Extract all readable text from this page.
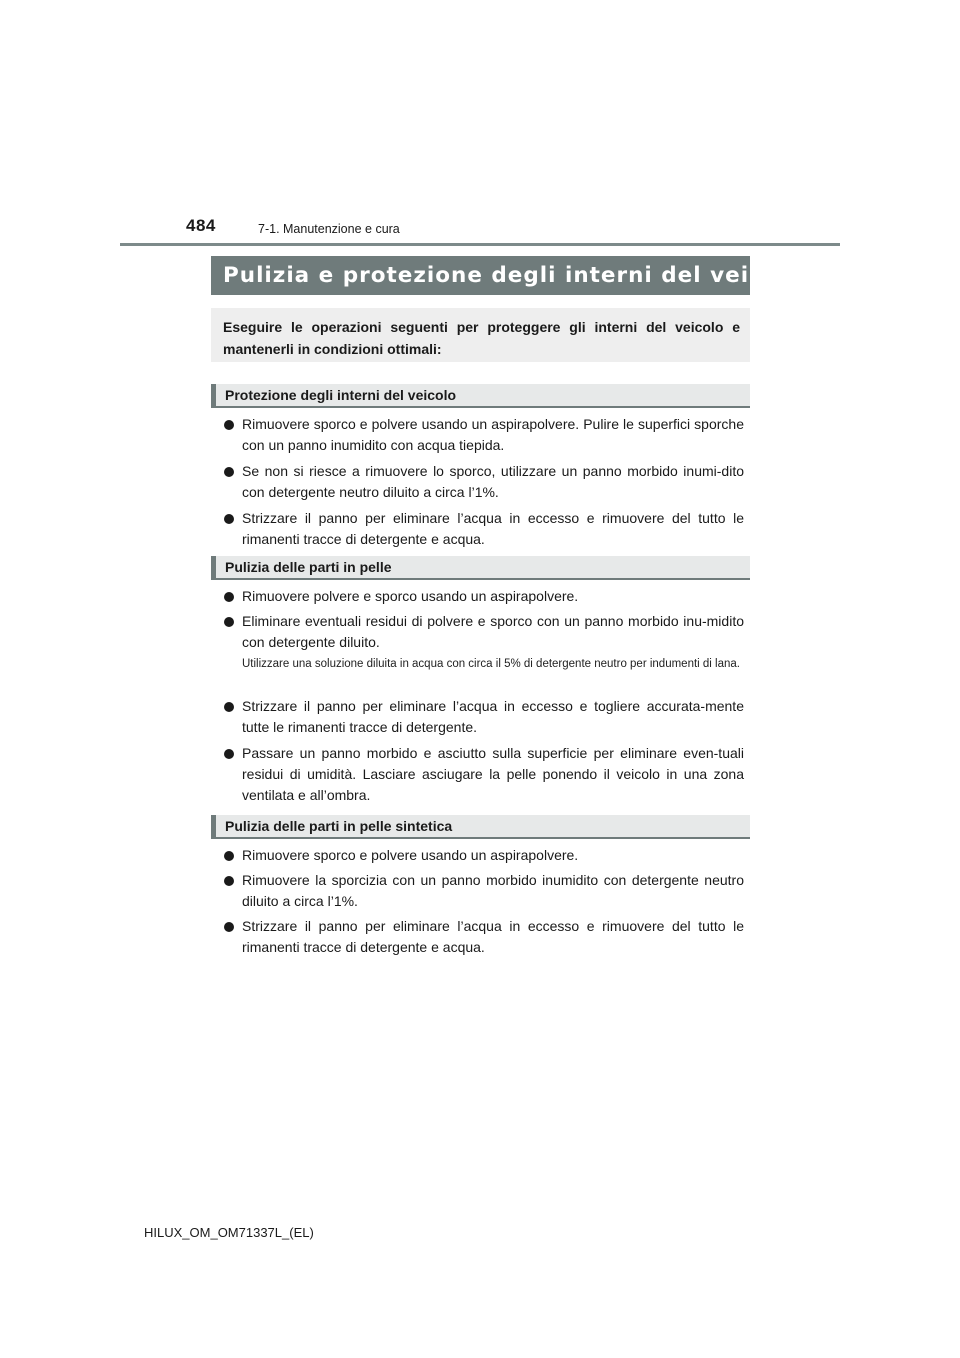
484	7-1. Manutenzione e cura
Pulizia e protezione degli interni del veicolo
Eseguire le operazioni seguenti per proteggere gli interni del veicolo e mantenerli in condizioni ottimali:
Protezione degli interni del veicolo
Rimuovere sporco e polvere usando un aspirapolvere. Pulire le superfici sporche con un panno inumidito con acqua tiepida.
Se non si riesce a rimuovere lo sporco, utilizzare un panno morbido inumi-dito con detergente neutro diluito a circa l’1%.
Strizzare il panno per eliminare l’acqua in eccesso e rimuovere del tutto le rimanenti tracce di detergente e acqua.
Pulizia delle parti in pelle
Rimuovere polvere e sporco usando un aspirapolvere.
Eliminare eventuali residui di polvere e sporco con un panno morbido inu-midito con detergente diluito.
Utilizzare una soluzione diluita in acqua con circa il 5% di detergente neutro per indumenti di lana.
Strizzare il panno per eliminare l’acqua in eccesso e togliere accurata-mente tutte le rimanenti tracce di detergente.
Passare un panno morbido e asciutto sulla superficie per eliminare even-tuali residui di umidità. Lasciare asciugare la pelle ponendo il veicolo in una zona ventilata e all’ombra.
Pulizia delle parti in pelle sintetica
Rimuovere sporco e polvere usando un aspirapolvere.
Rimuovere la sporcizia con un panno morbido inumidito con detergente neutro diluito a circa l’1%.
Strizzare il panno per eliminare l’acqua in eccesso e rimuovere del tutto le rimanenti tracce di detergente e acqua.
HILUX_OM_OM71337L_(EL)
